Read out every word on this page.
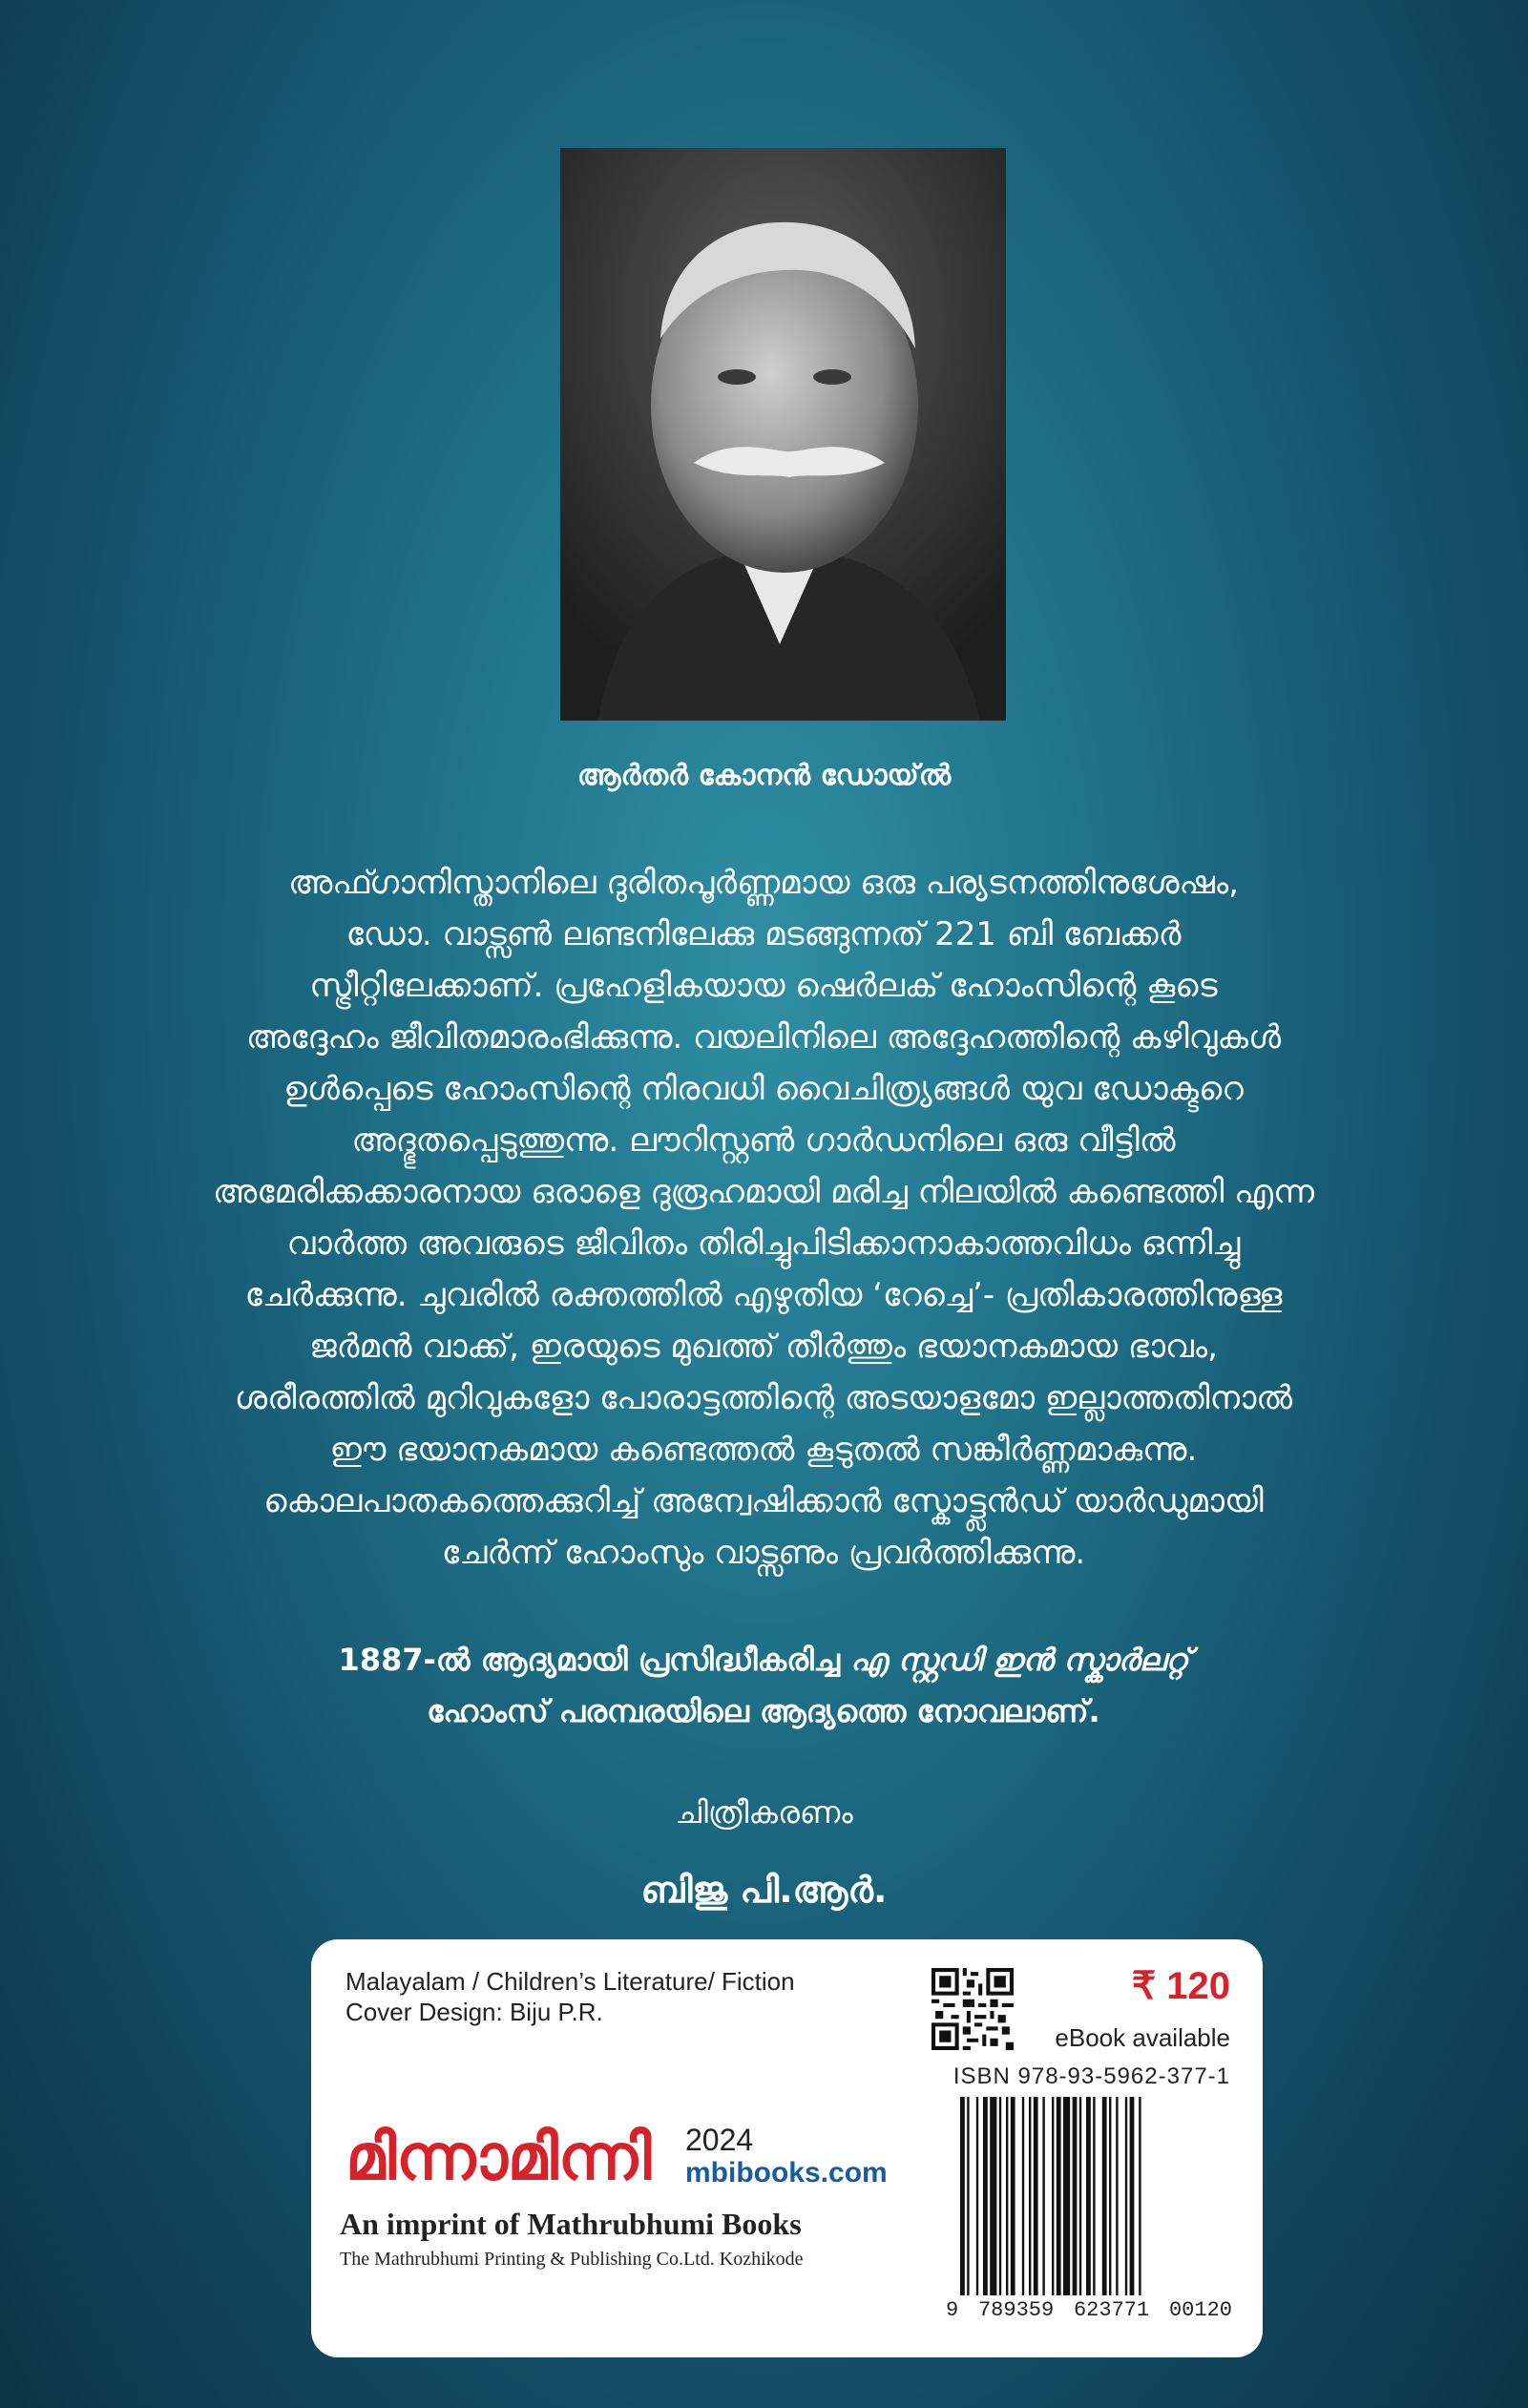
ആർതർ കോനൻ ഡോയ്ൽ
അഫ്ഗാനിസ്താനിലെ ദുരിതപൂർണ്ണമായ ഒരു പര്യടനത്തിനുശേഷം,
ഡോ. വാട്സൺ ലണ്ടനിലേക്കു മടങ്ങുന്നത് 221 ബി ബേക്കർ
സ്ട്രീറ്റിലേക്കാണ്. പ്രഹേളികയായ ഷെർലക് ഹോംസിന്റെ കൂടെ
അദ്ദേഹം ജീവിതമാരംഭിക്കുന്നു. വയലിനിലെ അദ്ദേഹത്തിന്റെ കഴിവുകൾ
ഉൾപ്പെടെ ഹോംസിന്റെ നിരവധി വൈചിത്ര്യങ്ങൾ യുവ ഡോക്ടറെ
അദ്ഭുതപ്പെടുത്തുന്നു. ലൗറിസ്റ്റൺ ഗാർഡനിലെ ഒരു വീട്ടിൽ
അമേരിക്കക്കാരനായ ഒരാളെ ദുരൂഹമായി മരിച്ച നിലയിൽ കണ്ടെത്തി എന്ന
വാർത്ത അവരുടെ ജീവിതം തിരിച്ചുപിടിക്കാനാകാത്തവിധം ഒന്നിച്ചു
ചേർക്കുന്നു. ചുവരിൽ രക്തത്തിൽ എഴുതിയ ‘റേച്ചെ’- പ്രതികാരത്തിനുള്ള
ജർമൻ വാക്ക്, ഇരയുടെ മുഖത്ത് തീർത്തും ഭയാനകമായ ഭാവം,
ശരീരത്തിൽ മുറിവുകളോ പോരാട്ടത്തിന്റെ അടയാളമോ ഇല്ലാത്തതിനാൽ
ഈ ഭയാനകമായ കണ്ടെത്തൽ കൂടുതൽ സങ്കീർണ്ണമാകുന്നു.
കൊലപാതകത്തെക്കുറിച്ച് അന്വേഷിക്കാൻ സ്കോട്ട്ലൻഡ് യാർഡുമായി
ചേർന്ന് ഹോംസും വാട്സണും പ്രവർത്തിക്കുന്നു.
1887-ൽ ആദ്യമായി പ്രസിദ്ധീകരിച്ച എ സ്റ്റഡി ഇൻ സ്കാർലറ്റ്
ഹോംസ് പരമ്പരയിലെ ആദ്യത്തെ നോവലാണ്.
ചിത്രീകരണം
ബിജു പി.ആർ.
Malayalam / Children’s Literature/ Fiction
Cover Design: Biju P.R.
₹ 120
eBook available
ISBN 978-93-5962-377-1
9 789359 623771 00120
മിന്നാമിന്നി 2024
mbibooks.com
An imprint of Mathrubhumi Books
The Mathrubhumi Printing & Publishing Co.Ltd. Kozhikode
